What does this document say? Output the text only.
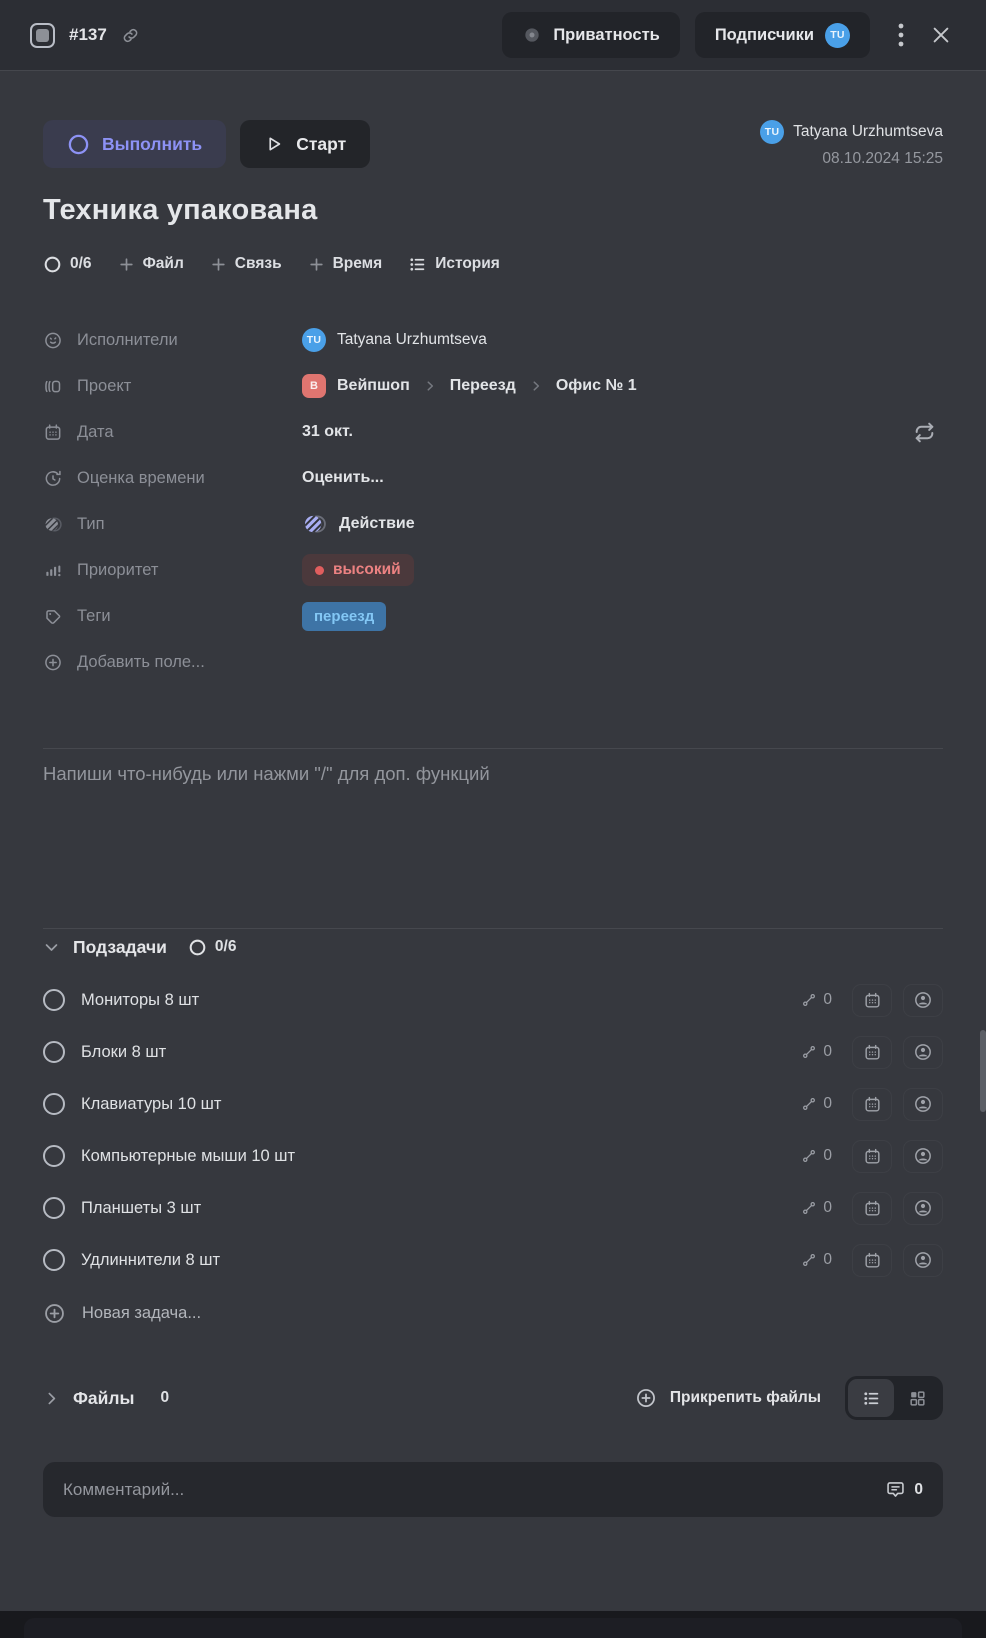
#137	Приватность	Подписчики	TU
Выполнить	Старт
TU Tatyana Urzhumtseva
08.10.2024 15:25
Техника упакована
0/6	Файл	Связь	Время	История
Исполнители	TU	Tatyana Urzhumtseva
Проект	В	Вейпшоп	Переезд	Офис № 1
Дата	31 окт.
Оценка времени	Оценить...
Тип	Действие
Приоритет	высокий
Теги	переезд
Добавить поле...
Напиши что-нибудь или нажми "/" для доп. функций
Подзадачи	0/6
Мониторы 8 шт	0
Блоки 8 шт	0
Клавиатуры 10 шт	0
Компьютерные мыши 10 шт	0
Планшеты 3 шт	0
Удлиннители 8 шт	0
Новая задача...
Файлы 0	Прикрепить файлы
Комментарий...	0
